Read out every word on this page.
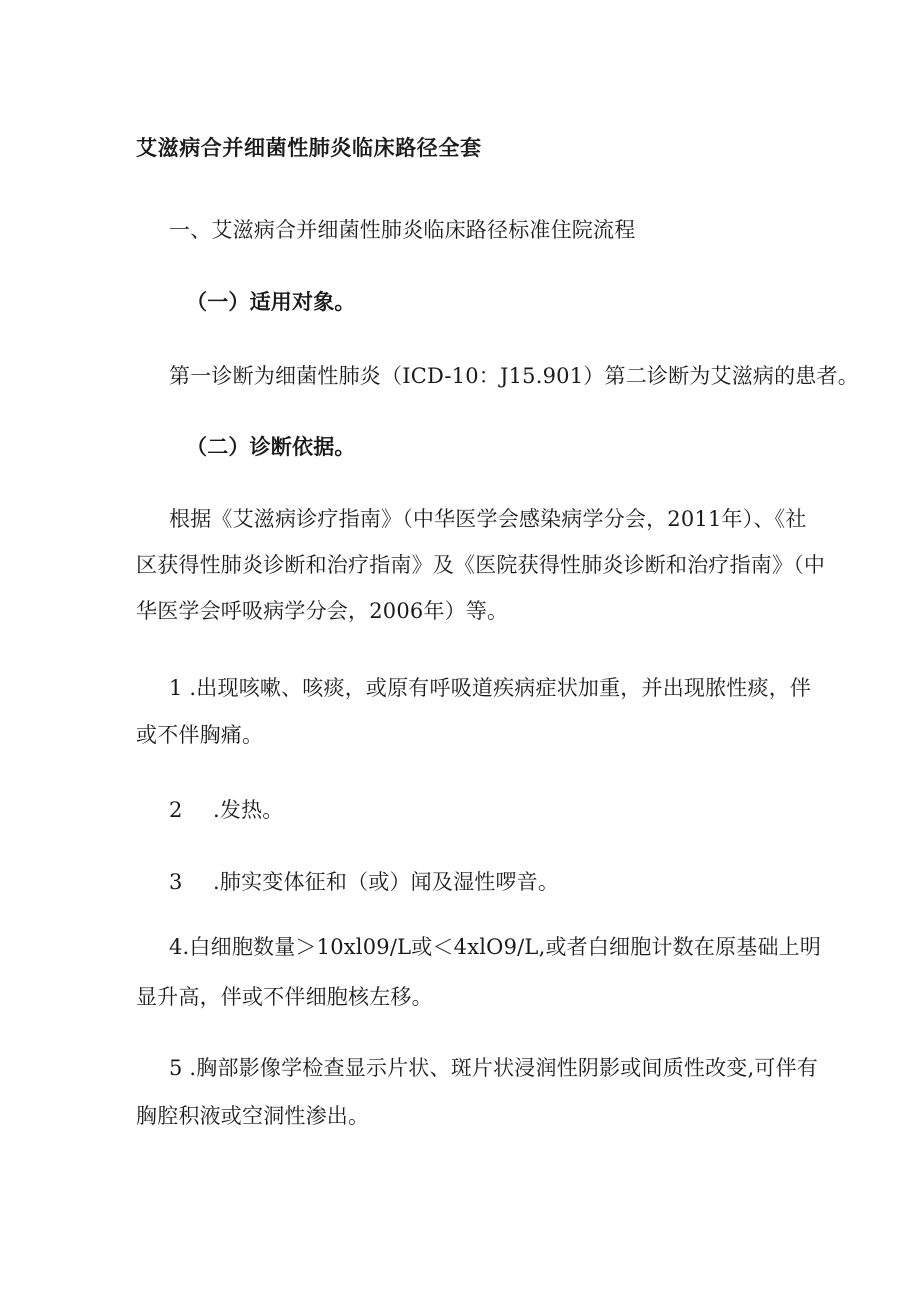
艾滋病合并细菌性肺炎临床路径全套
一、艾滋病合并细菌性肺炎临床路径标准住院流程
（一）适用对象。
第一诊断为细菌性肺炎（ICD-10：J15.901）第二诊断为艾滋病的患者。
（二）诊断依据。
根据《艾滋病诊疗指南》（中华医学会感染病学分会，2011年）、《社
区获得性肺炎诊断和治疗指南》及《医院获得性肺炎诊断和治疗指南》（中
华医学会呼吸病学分会，2006年）等。
1 .出现咳嗽、咳痰，或原有呼吸道疾病症状加重，并出现脓性痰，伴
或不伴胸痛。
2 .发热。
3 .肺实变体征和（或）闻及湿性啰音。
4.白细胞数量＞10xl09∕L或＜4xlO9∕L,或者白细胞计数在原基础上明
显升高，伴或不伴细胞核左移。
5 .胸部影像学检查显示片状、斑片状浸润性阴影或间质性改变,可伴有
胸腔积液或空洞性渗出。
